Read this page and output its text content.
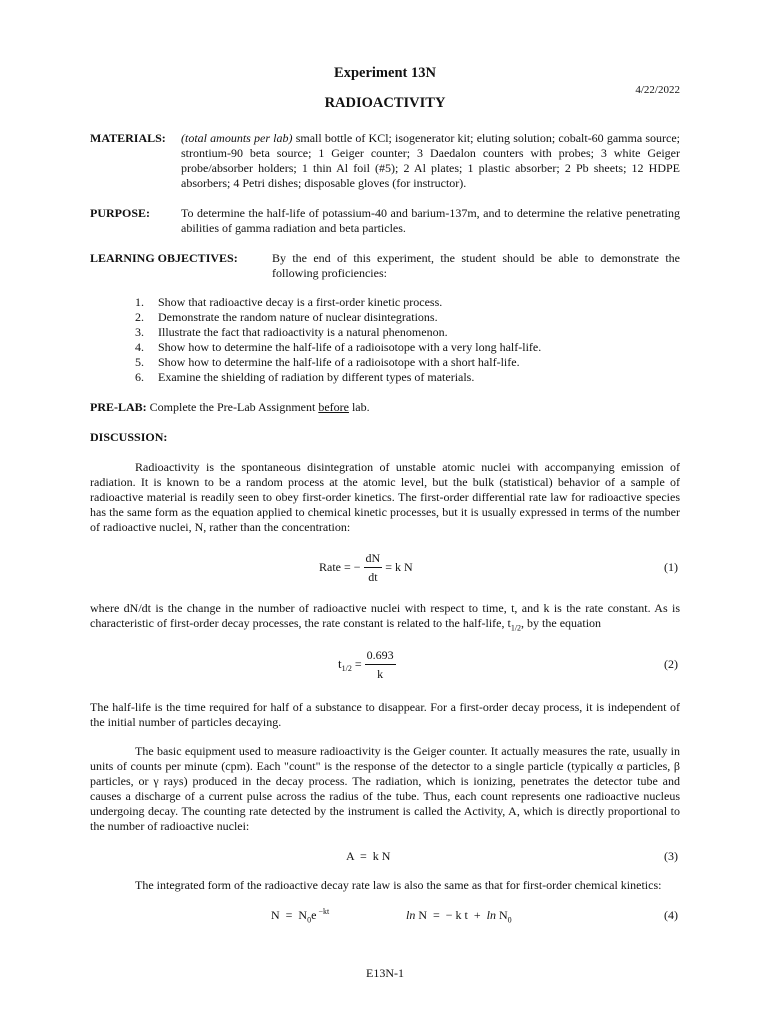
Experiment 13N
4/22/2022
RADIOACTIVITY
MATERIALS: (total amounts per lab) small bottle of KCl; isogenerator kit; eluting solution; cobalt-60 gamma source; strontium-90 beta source; 1 Geiger counter; 3 Daedalon counters with probes; 3 white Geiger probe/absorber holders; 1 thin Al foil (#5); 2 Al plates; 1 plastic absorber; 2 Pb sheets; 12 HDPE absorbers; 4 Petri dishes; disposable gloves (for instructor).
PURPOSE:	To determine the half-life of potassium-40 and barium-137m, and to determine the relative penetrating abilities of gamma radiation and beta particles.
LEARNING OBJECTIVES:	By the end of this experiment, the student should be able to demonstrate the following proficiencies:
1. Show that radioactive decay is a first-order kinetic process.
2. Demonstrate the random nature of nuclear disintegrations.
3. Illustrate the fact that radioactivity is a natural phenomenon.
4. Show how to determine the half-life of a radioisotope with a very long half-life.
5. Show how to determine the half-life of a radioisotope with a short half-life.
6. Examine the shielding of radiation by different types of materials.
PRE-LAB: Complete the Pre-Lab Assignment before lab.
DISCUSSION:
Radioactivity is the spontaneous disintegration of unstable atomic nuclei with accompanying emission of radiation. It is known to be a random process at the atomic level, but the bulk (statistical) behavior of a sample of radioactive material is readily seen to obey first-order kinetics. The first-order differential rate law for radioactive species has the same form as the equation applied to chemical kinetic processes, but it is usually expressed in terms of the number of radioactive nuclei, N, rather than the concentration:
Rate = − $\frac{dN}{dt} = k$ N	(1)
where dN/dt is the change in the number of radioactive nuclei with respect to time, t, and k is the rate constant. As is characteristic of first-order decay processes, the rate constant is related to the half-life, $t_{1/2}$, by the equation
$t_{1/2} = \frac{0.693}{k}$	(2)
The half-life is the time required for half of a substance to disappear. For a first-order decay process, it is independent of the initial number of particles decaying.
The basic equipment used to measure radioactivity is the Geiger counter. It actually measures the rate, usually in units of counts per minute (cpm). Each "count" is the response of the detector to a single particle (typically α particles, β particles, or γ rays) produced in the decay process. The radiation, which is ionizing, penetrates the detector tube and causes a discharge of a current pulse across the radius of the tube. Thus, each count represents one radioactive nucleus undergoing decay. The counting rate detected by the instrument is called the Activity, A, which is directly proportional to the number of radioactive nuclei:
A  =  k N	(3)
The integrated form of the radioactive decay rate law is also the same as that for first-order chemical kinetics:
$N = N_0e$ $^{-kt}$	ln N  =  − k $t + \ln N_0$	(4)
E13N-1
